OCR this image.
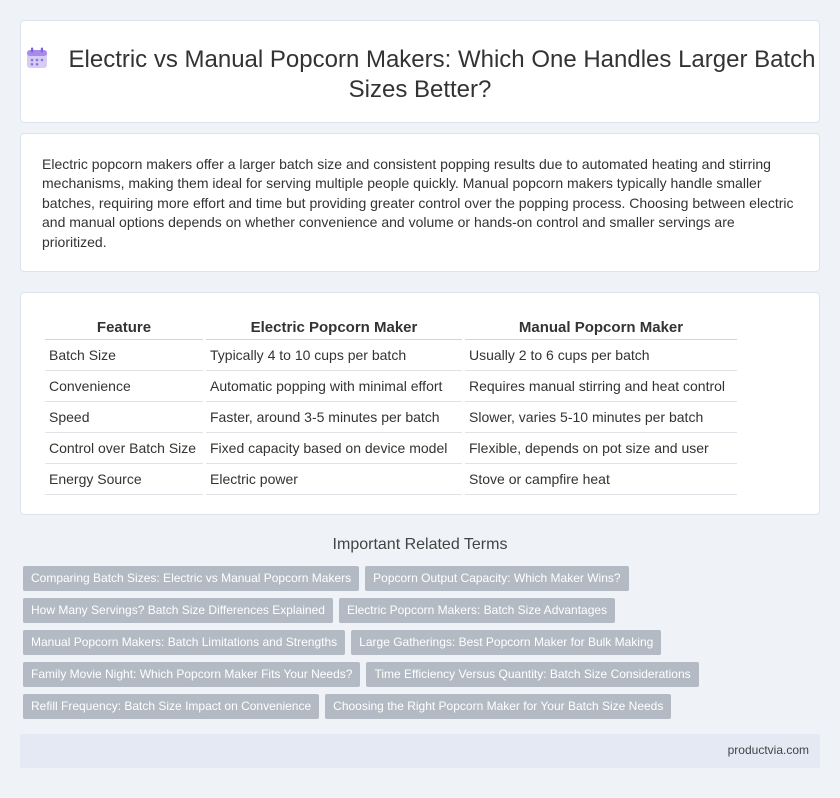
Electric vs Manual Popcorn Makers: Which One Handles Larger Batch Sizes Better?

Electric popcorn makers offer a larger batch size and consistent popping results due to automated heating and stirring mechanisms, making them ideal for serving multiple people quickly. Manual popcorn makers typically handle smaller batches, requiring more effort and time but providing greater control over the popping process. Choosing between electric and manual options depends on whether convenience and volume or hands-on control and smaller servings are prioritized.

Feature	Electric Popcorn Maker	Manual Popcorn Maker
Batch Size	Typically 4 to 10 cups per batch	Usually 2 to 6 cups per batch
Convenience	Automatic popping with minimal effort	Requires manual stirring and heat control
Speed	Faster, around 3-5 minutes per batch	Slower, varies 5-10 minutes per batch
Control over Batch Size	Fixed capacity based on device model	Flexible, depends on pot size and user
Energy Source	Electric power	Stove or campfire heat
Important Related Terms
Comparing Batch Sizes: Electric vs Manual Popcorn Makers Popcorn Output Capacity: Which Maker Wins?
How Many Servings? Batch Size Differences Explained Electric Popcorn Makers: Batch Size Advantages
Manual Popcorn Makers: Batch Limitations and Strengths Large Gatherings: Best Popcorn Maker for Bulk Making
Family Movie Night: Which Popcorn Maker Fits Your Needs? Time Efficiency Versus Quantity: Batch Size Considerations
Refill Frequency: Batch Size Impact on Convenience Choosing the Right Popcorn Maker for Your Batch Size Needs
productvia.com
